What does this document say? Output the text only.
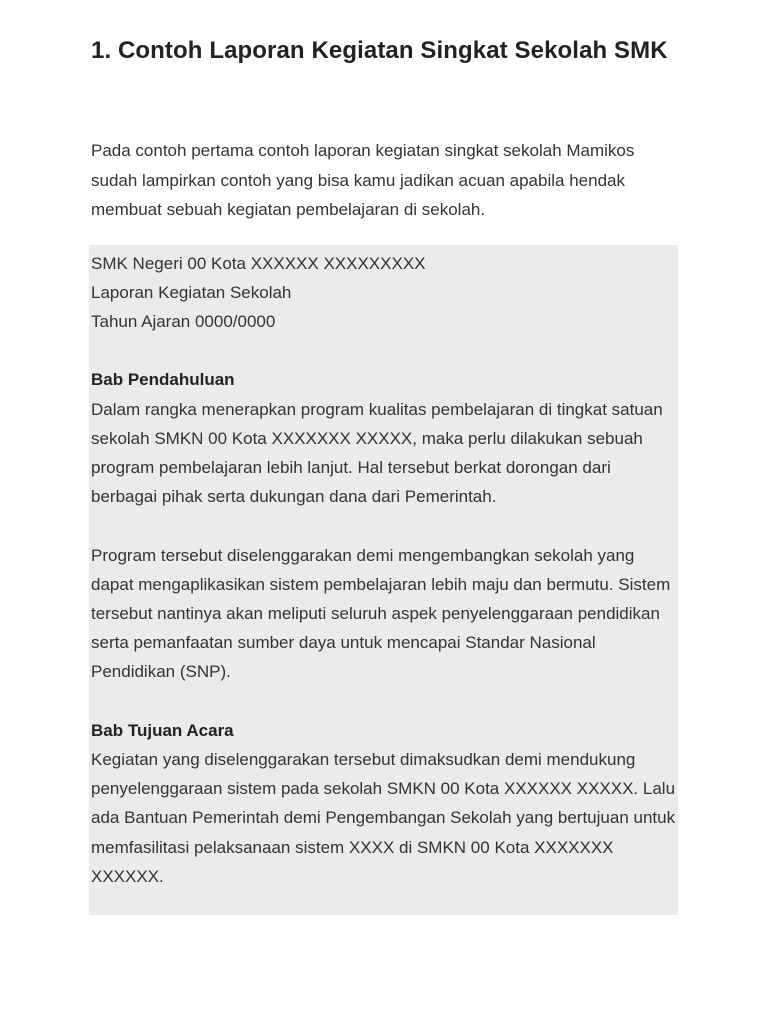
1. Contoh Laporan Kegiatan Singkat Sekolah SMK

Pada contoh pertama contoh laporan kegiatan singkat sekolah Mamikos sudah lampirkan contoh yang bisa kamu jadikan acuan apabila hendak membuat sebuah kegiatan pembelajaran di sekolah.

SMK Negeri 00 Kota XXXXXX XXXXXXXXX
Laporan Kegiatan Sekolah
Tahun Ajaran 0000/0000
Bab Pendahuluan

Dalam rangka menerapkan program kualitas pembelajaran di tingkat satuan sekolah SMKN 00 Kota XXXXXXX XXXXX, maka perlu dilakukan sebuah program pembelajaran lebih lanjut. Hal tersebut berkat dorongan dari berbagai pihak serta dukungan dana dari Pemerintah.

Program tersebut diselenggarakan demi mengembangkan sekolah yang dapat mengaplikasikan sistem pembelajaran lebih maju dan bermutu. Sistem tersebut nantinya akan meliputi seluruh aspek penyelenggaraan pendidikan serta pemanfaatan sumber daya untuk mencapai Standar Nasional Pendidikan (SNP).

Bab Tujuan Acara

Kegiatan yang diselenggarakan tersebut dimaksudkan demi mendukung penyelenggaraan sistem pada sekolah SMKN 00 Kota XXXXXX XXXXX. Lalu ada Bantuan Pemerintah demi Pengembangan Sekolah yang bertujuan untuk memfasilitasi pelaksanaan sistem XXXX di SMKN 00 Kota XXXXXXX XXXXXX.
